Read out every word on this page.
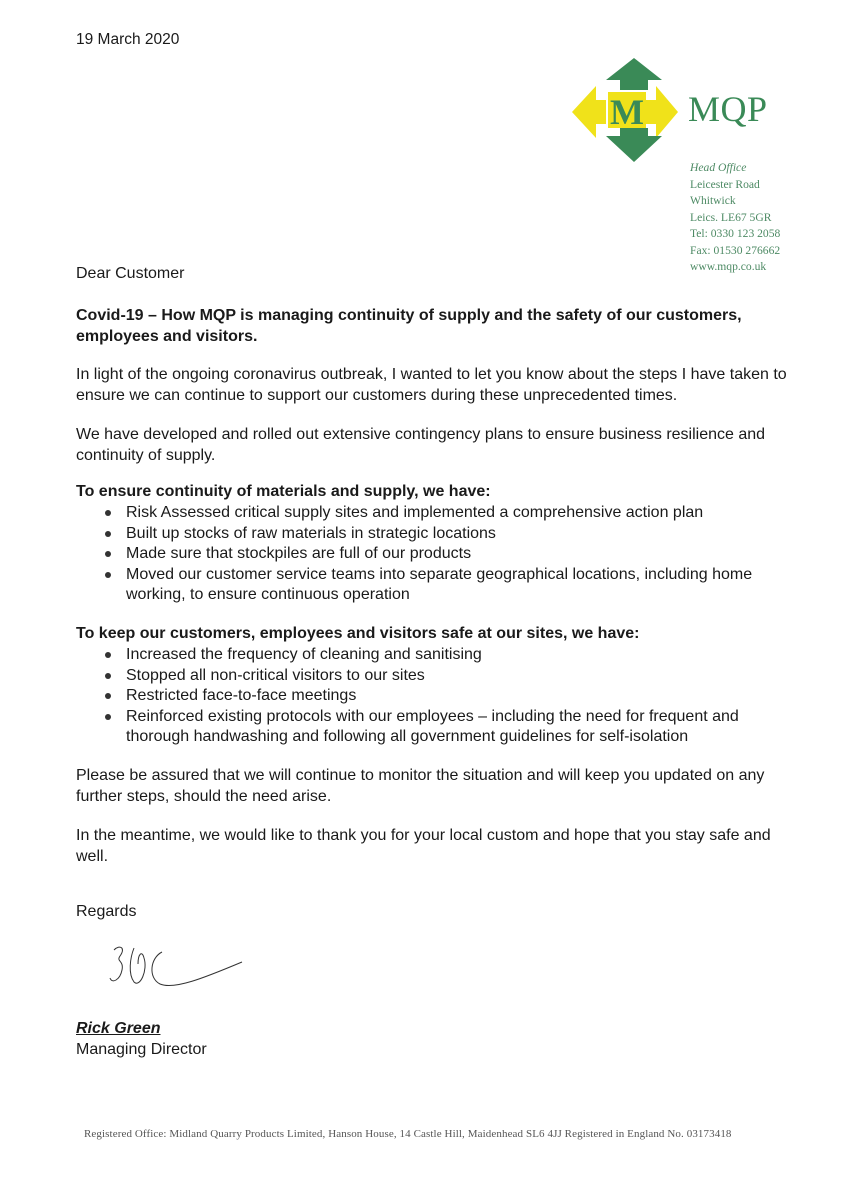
19 March 2020
M MQP
Head Office
Leicester Road
Whitwick
Leics. LE67 5GR
Tel: 0330 123 2058
Fax: 01530 276662
www.mqp.co.uk
Dear Customer
Covid-19 – How MQP is managing continuity of supply and the safety of our customers, employees and visitors.
In light of the ongoing coronavirus outbreak, I wanted to let you know about the steps I have taken to ensure we can continue to support our customers during these unprecedented times.
We have developed and rolled out extensive contingency plans to ensure business resilience and continuity of supply.
To ensure continuity of materials and supply, we have:
Risk Assessed critical supply sites and implemented a comprehensive action plan
Built up stocks of raw materials in strategic locations
Made sure that stockpiles are full of our products
Moved our customer service teams into separate geographical locations, including home working, to ensure continuous operation
To keep our customers, employees and visitors safe at our sites, we have:
Increased the frequency of cleaning and sanitising
Stopped all non-critical visitors to our sites
Restricted face-to-face meetings
Reinforced existing protocols with our employees – including the need for frequent and thorough handwashing and following all government guidelines for self-isolation
Please be assured that we will continue to monitor the situation and will keep you updated on any further steps, should the need arise.
In the meantime, we would like to thank you for your local custom and hope that you stay safe and well.
Regards
Rick Green
Managing Director
Registered Office: Midland Quarry Products Limited, Hanson House, 14 Castle Hill, Maidenhead SL6 4JJ Registered in England No. 03173418
